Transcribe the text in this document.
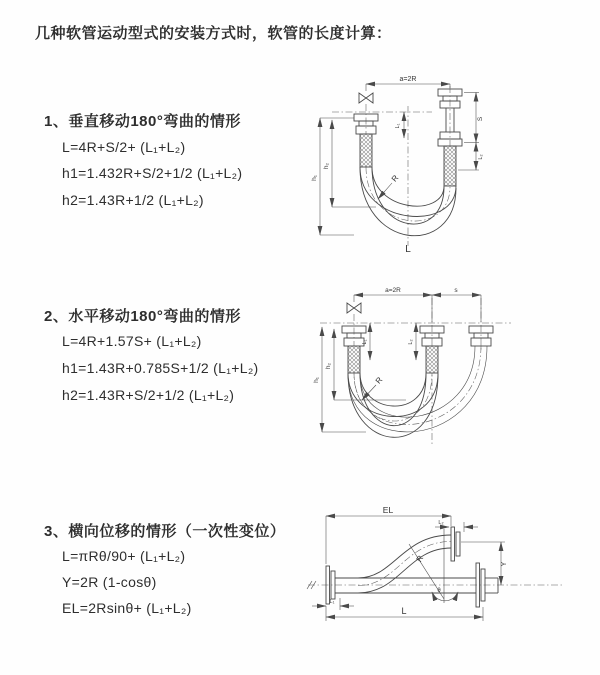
几种软管运动型式的安装方式时，软管的长度计算：
1、垂直移动180°弯曲的情形
L=4R+S/2+ (L₁+L₂)
h1=1.432R+S/2+1/2 (L₁+L₂)
h2=1.43R+1/2 (L₁+L₂)
a=2R
L₁
S
L₂
h₁
h₂
R
L
2、水平移动180°弯曲的情形
L=4R+1.57S+ (L₁+L₂)
h1=1.43R+0.785S+1/2 (L₁+L₂)
h2=1.43R+S/2+1/2 (L₁+L₂)
a=2R	s
h₁
h₂
L₁	L₂
R
3、横向位移的情形（一次性变位）
L=πRθ/90+ (L₁+L₂)
Y=2R (1-cosθ)
EL=2Rsinθ+ (L₁+L₂)
EL
L₂
Y
R
θ
L
L₁
